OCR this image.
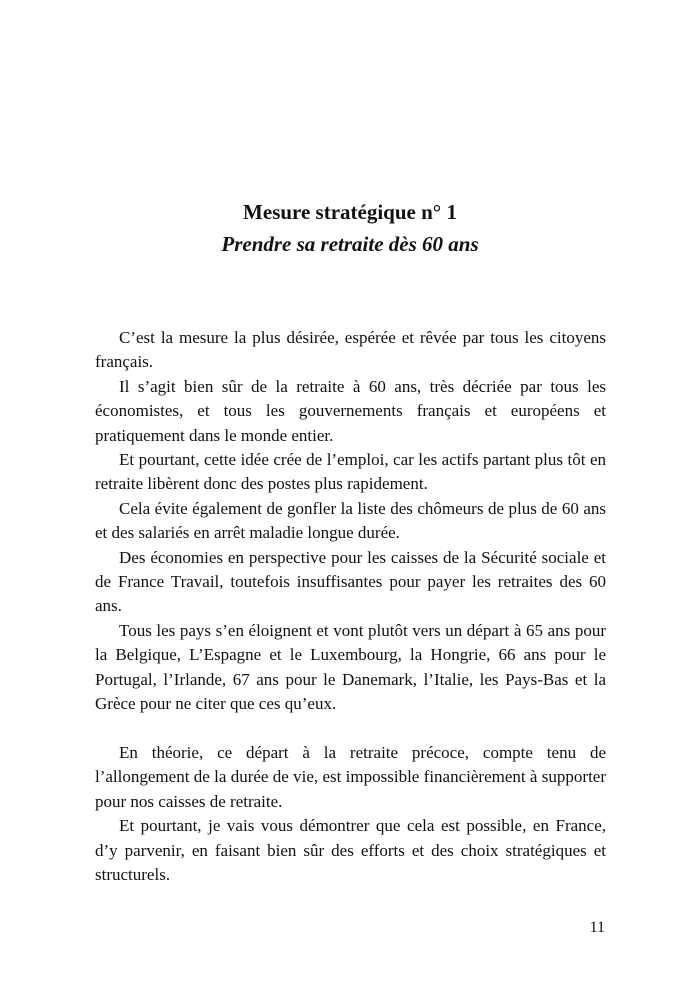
Mesure stratégique n° 1

Prendre sa retraite dès 60 ans

C’est la mesure la plus désirée, espérée et rêvée par tous les citoyens français.

Il s’agit bien sûr de la retraite à 60 ans, très décriée par tous les économistes, et tous les gouvernements français et européens et pratiquement dans le monde entier.

Et pourtant, cette idée crée de l’emploi, car les actifs partant plus tôt en retraite libèrent donc des postes plus rapidement.

Cela évite également de gonfler la liste des chômeurs de plus de 60 ans et des salariés en arrêt maladie longue durée.

Des économies en perspective pour les caisses de la Sécurité sociale et de France Travail, toutefois insuffisantes pour payer les retraites des 60 ans.

Tous les pays s’en éloignent et vont plutôt vers un départ à 65 ans pour la Belgique, L’Espagne et le Luxembourg, la Hongrie, 66 ans pour le Portugal, l’Irlande, 67 ans pour le Danemark, l’Italie, les Pays-Bas et la Grèce pour ne citer que ces qu’eux.

En théorie, ce départ à la retraite précoce, compte tenu de l’allongement de la durée de vie, est impossible financièrement à supporter pour nos caisses de retraite.

Et pourtant, je vais vous démontrer que cela est possible, en France, d’y parvenir, en faisant bien sûr des efforts et des choix stratégiques et structurels.

11
